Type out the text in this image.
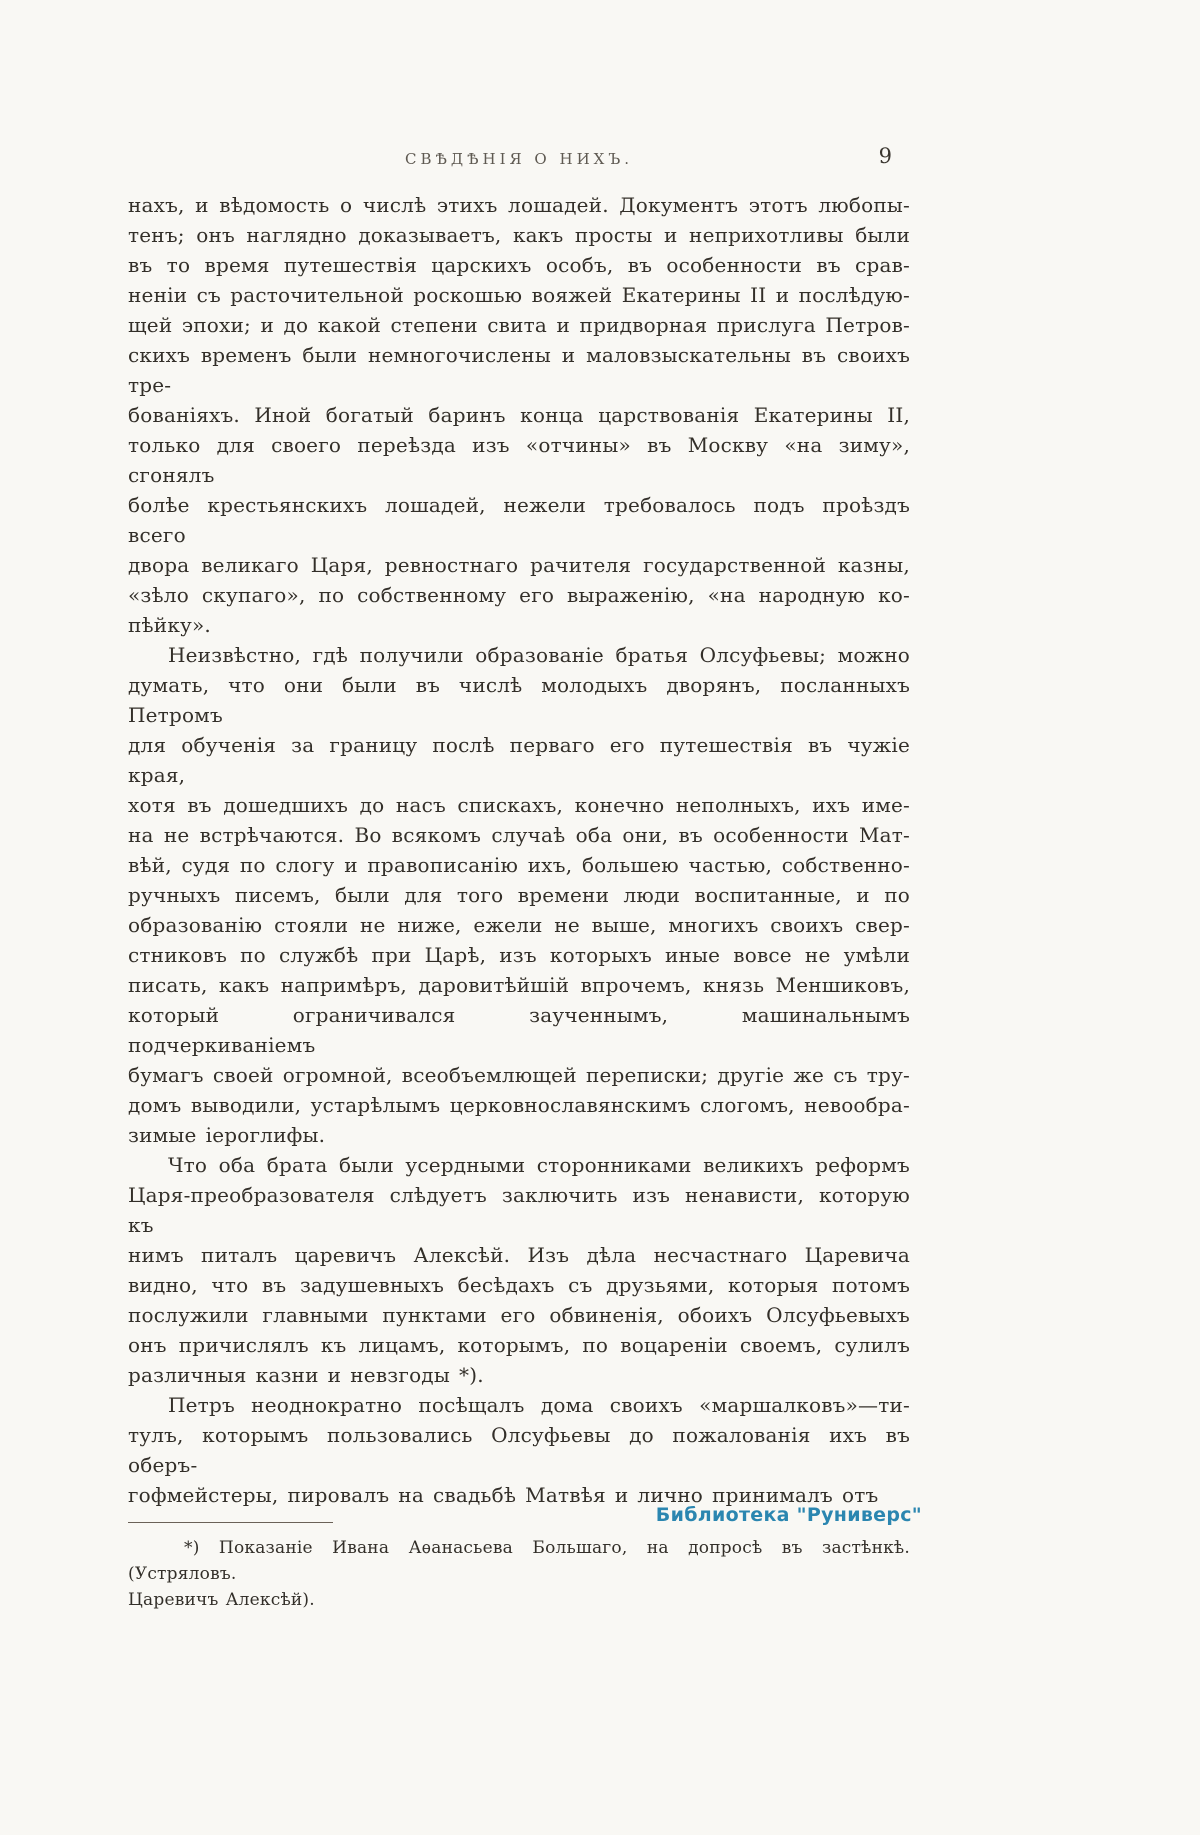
СВѢДѢНІЯ О НИХЪ.	9
нахъ, и вѣдомость о числѣ этихъ лошадей. Документъ этотъ любопы-
тенъ; онъ наглядно доказываетъ, какъ просты и неприхотливы были
въ то время путешествія царскихъ особъ, въ особенности въ срав-
неніи съ расточительной роскошью вояжей Екатерины II и послѣдую-
щей эпохи; и до какой степени свита и придворная прислуга Петров-
скихъ временъ были немногочислены и маловзыскательны въ своихъ тре-
бованіяхъ. Иной богатый баринъ конца царствованія Екатерины II,
только для своего переѣзда изъ «отчины» въ Москву «на зиму», сгонялъ
болѣе крестьянскихъ лошадей, нежели требовалось подъ проѣздъ всего
двора великаго Царя, ревностнаго рачителя государственной казны,
«зѣло скупаго», по собственному его выраженію, «на народную ко-
пѣйку».
Неизвѣстно, гдѣ получили образованіе братья Олсуфьевы; можно
думать, что они были въ числѣ молодыхъ дворянъ, посланныхъ Петромъ
для обученія за границу послѣ перваго его путешествія въ чужіе края,
хотя въ дошедшихъ до насъ спискахъ, конечно неполныхъ, ихъ име-
на не встрѣчаются. Во всякомъ случаѣ оба они, въ особенности Мат-
вѣй, судя по слогу и правописанію ихъ, большею частью, собственно-
ручныхъ писемъ, были для того времени люди воспитанные, и по
образованію стояли не ниже, ежели не выше, многихъ своихъ свер-
стниковъ по службѣ при Царѣ, изъ которыхъ иные вовсе не умѣли
писать, какъ напримѣръ, даровитѣйшій впрочемъ, князь Меншиковъ,
который ограничивался заученнымъ, машинальнымъ подчеркиваніемъ
бумагъ своей огромной, всеобъемлющей переписки; другіе же съ тру-
домъ выводили, устарѣлымъ церковнославянскимъ слогомъ, невообра-
зимые іероглифы.
Что оба брата были усердными сторонниками великихъ реформъ
Царя-преобразователя слѣдуетъ заключить изъ ненависти, которую къ
нимъ питалъ царевичъ Алексѣй. Изъ дѣла несчастнаго Царевича
видно, что въ задушевныхъ бесѣдахъ съ друзьями, которыя потомъ
послужили главными пунктами его обвиненія, обоихъ Олсуфьевыхъ
онъ причислялъ къ лицамъ, которымъ, по воцареніи своемъ, сулилъ
различныя казни и невзгоды *).
Петръ неоднократно посѣщалъ дома своихъ «маршалковъ»—ти-
тулъ, которымъ пользовались Олсуфьевы до пожалованія ихъ въ оберъ-
гофмейстеры, пировалъ на свадьбѣ Матвѣя и лично принималъ отъ
*) Показаніе Ивана Аѳанасьева Большаго, на допросѣ въ застѣнкѣ. (Устряловъ.
Царевичъ Алексѣй).
Библиотека "Руниверс"
